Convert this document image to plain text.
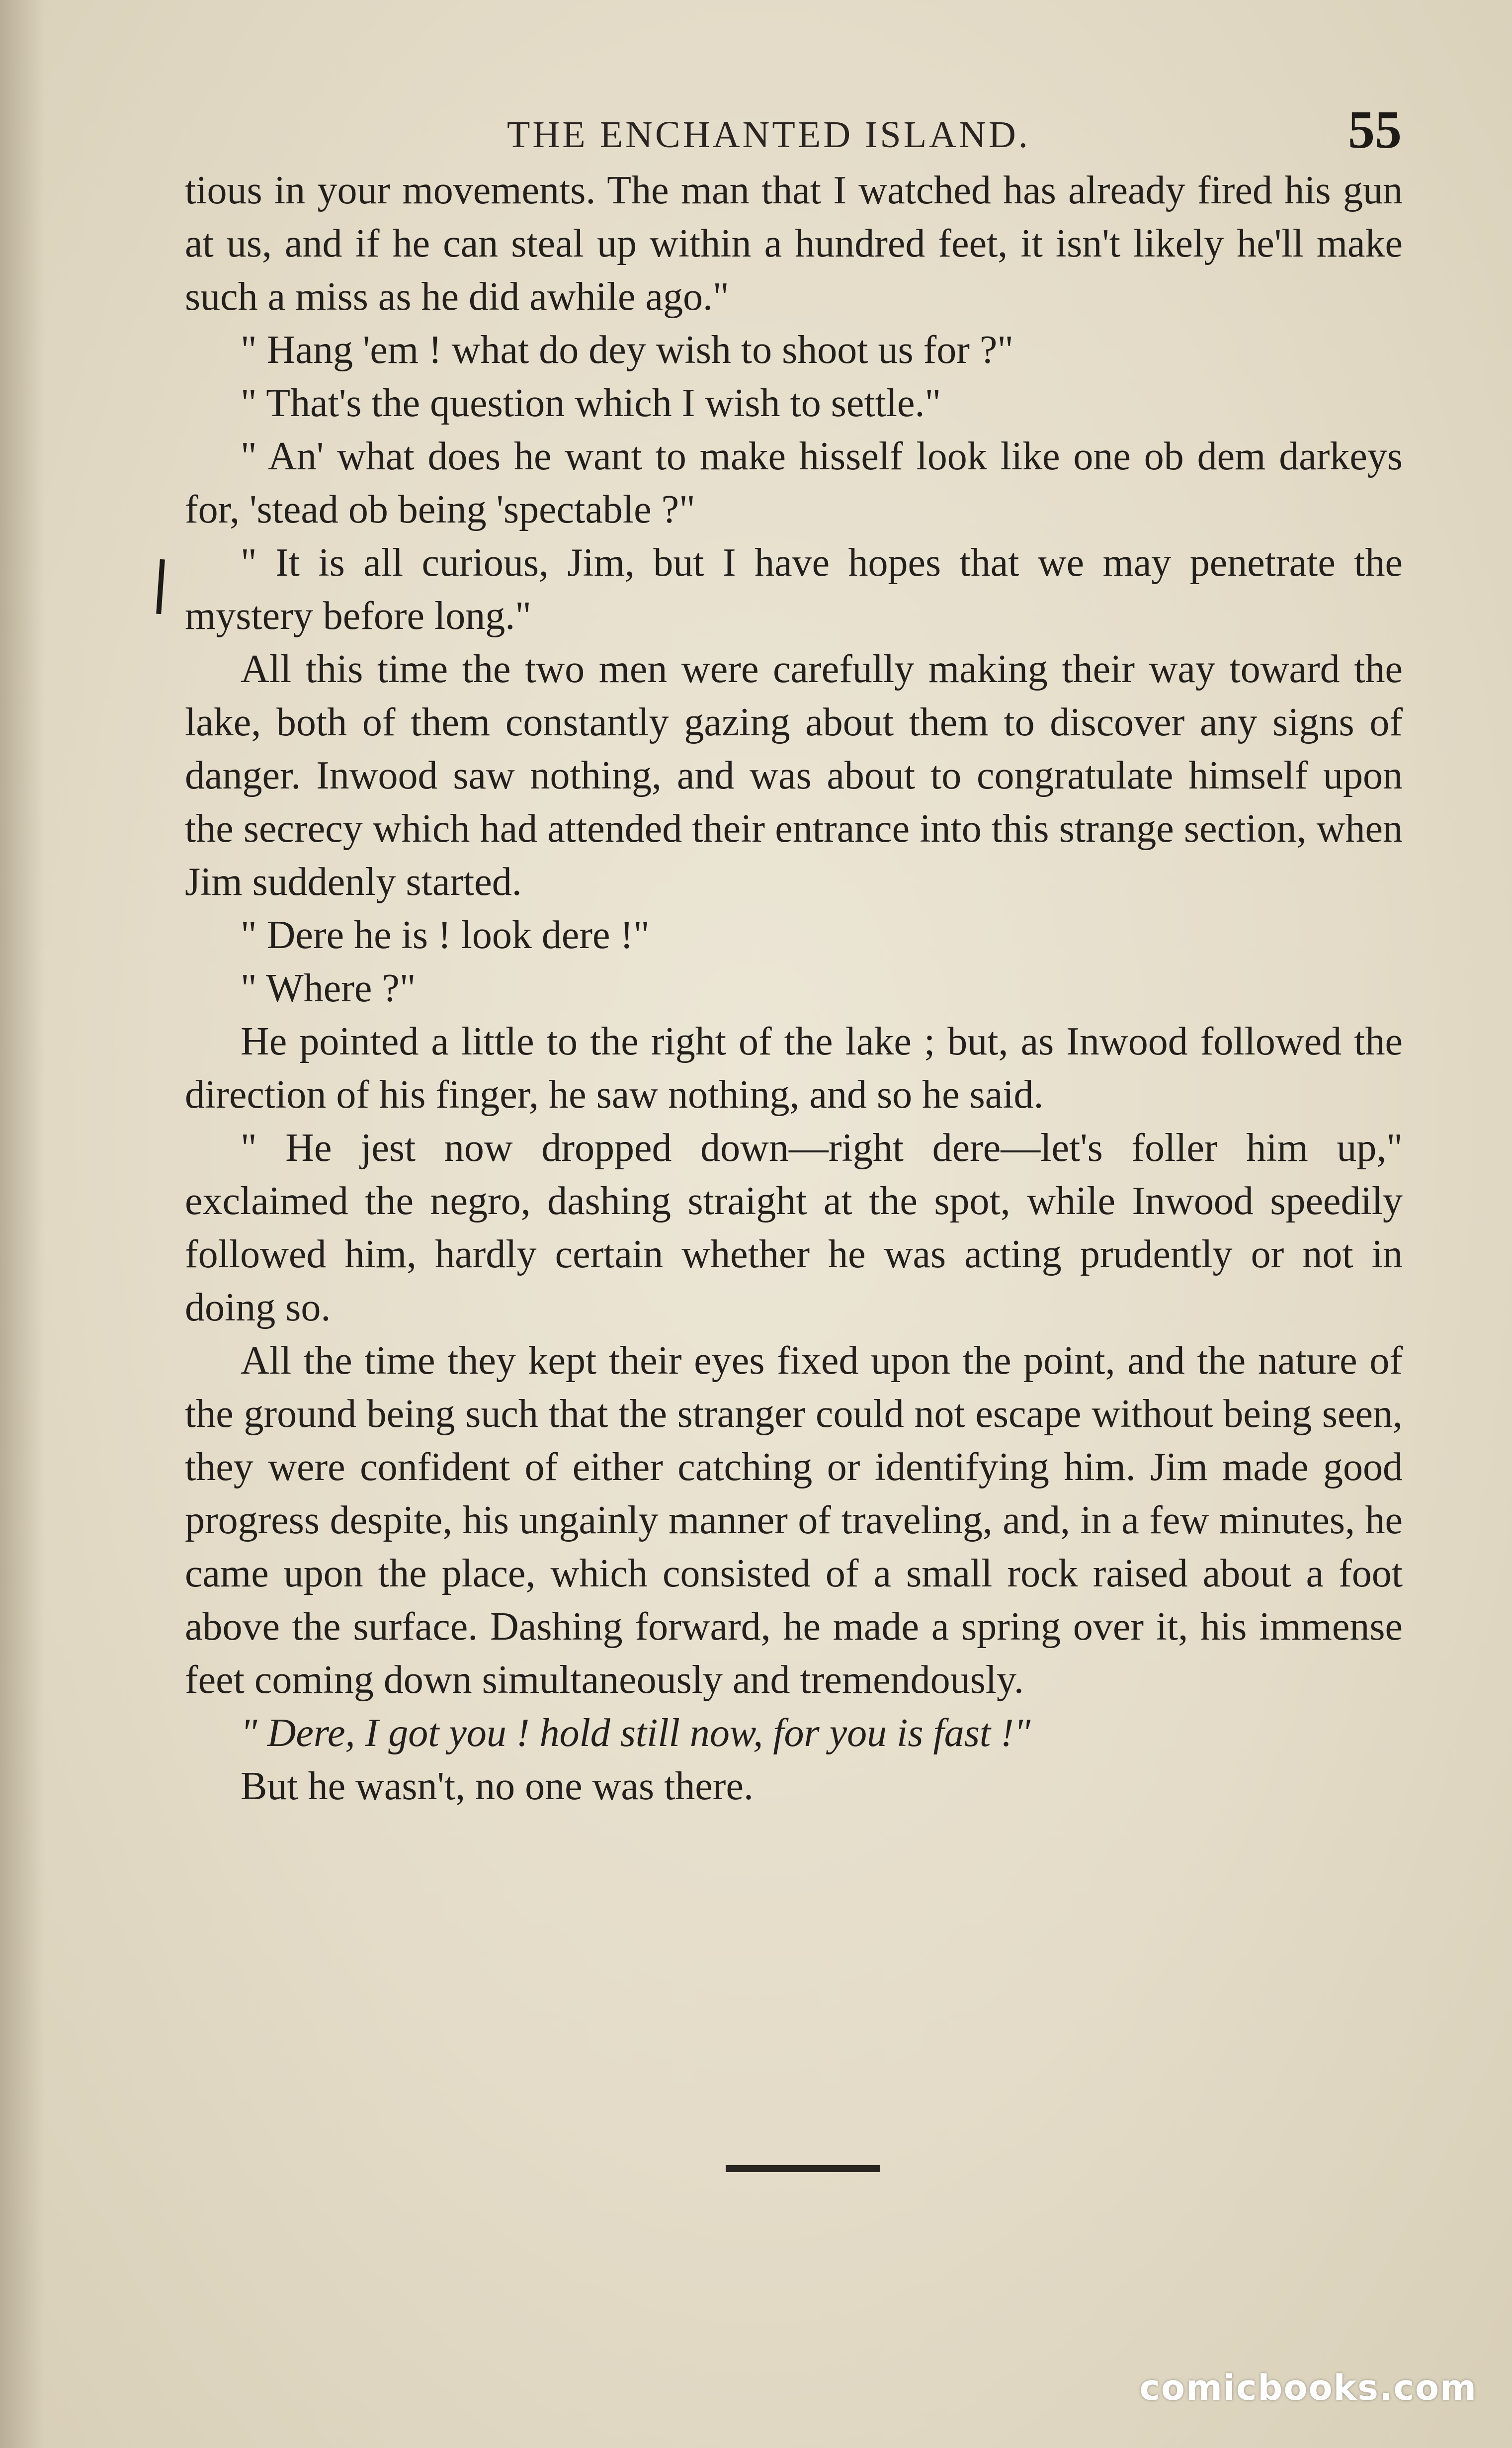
THE ENCHANTED ISLAND.	55

tious in your movements. The man that I watched has already fired his gun at us, and if he can steal up within a hundred feet, it isn't likely he'll make such a miss as he did awhile ago."

" Hang 'em ! what do dey wish to shoot us for ?"

" That's the question which I wish to settle."

" An' what does he want to make hisself look like one ob dem darkeys for, 'stead ob being 'spectable ?"

" It is all curious, Jim, but I have hopes that we may penetrate the mystery before long."

All this time the two men were carefully making their way toward the lake, both of them constantly gazing about them to discover any signs of danger. Inwood saw nothing, and was about to congratulate himself upon the secrecy which had attended their entrance into this strange section, when Jim suddenly started.

" Dere he is ! look dere !"

" Where ?"

He pointed a little to the right of the lake ; but, as Inwood followed the direction of his finger, he saw nothing, and so he said.

" He jest now dropped down—right dere—let's foller him up," exclaimed the negro, dashing straight at the spot, while Inwood speedily followed him, hardly certain whether he was acting prudently or not in doing so.

All the time they kept their eyes fixed upon the point, and the nature of the ground being such that the stranger could not escape without being seen, they were confident of either catching or identifying him. Jim made good progress despite, his ungainly manner of traveling, and, in a few minutes, he came upon the place, which consisted of a small rock raised about a foot above the surface. Dashing forward, he made a spring over it, his immense feet coming down simultaneously and tremendously.

" Dere, I got you ! hold still now, for you is fast !"

But he wasn't, no one was there.

comicbooks.com
